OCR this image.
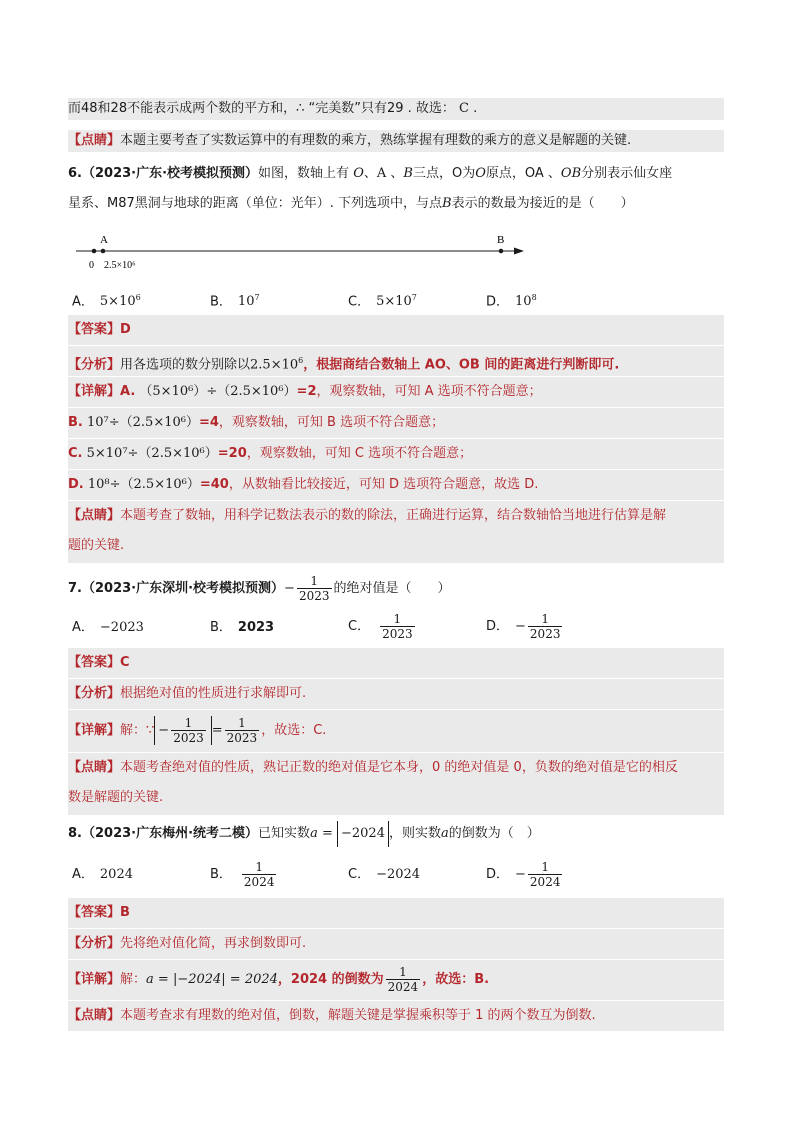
而48和28不能表示成两个数的平方和，∴ “完美数”只有29 . 故选： C .
【点睛】本题主要考查了实数运算中的有理数的乘方，熟练掌握有理数的乘方的意义是解题的关键.
6.（2023·广东·校考模拟预测）如图，数轴上有 O、A 、B三点，O为O原点，OA 、OB分别表示仙女座
星系、M87黑洞与地球的距离（单位：光年）. 下列选项中，与点B表示的数最为接近的是（　　）
A	B
0 2.5×10⁶
A． $5\times 10^6$	B． $10^7$	C． $5\times 10^7$	D． $10^8$
【答案】D
【分析】用各选项的数分别除以$2.5\times 10^6$，根据商结合数轴上 AO、OB 间的距离进行判断即可.
【详解】A. （5×10⁶）÷（2.5×10⁶）=2，观察数轴，可知 A 选项不符合题意；
B. 10⁷÷（2.5×10⁶）=4，观察数轴，可知 B 选项不符合题意；
C. 5×10⁷÷（2.5×10⁶）=20，观察数轴，可知 C 选项不符合题意；
D. 10⁸÷（2.5×10⁶）=40，从数轴看比较接近，可知 D 选项符合题意，故选 D.
【点睛】本题考查了数轴，用科学记数法表示的数的除法，正确进行运算，结合数轴恰当地进行估算是解
题的关键.
7.（2023·广东深圳·校考模拟预测）− $\frac{1}{2023}$ 的绝对值是（　　）
A． −2023	B． 2023	C． $\frac{1}{2023}$	D． − $\frac{1}{2023}$
【答案】C
【分析】根据绝对值的性质进行求解即可.
【详解】解：∵ − $\frac{1}{2023} = \frac{1}{2023}$ ，故选：C.
【点睛】本题考查绝对值的性质，熟记正数的绝对值是它本身，0 的绝对值是 0，负数的绝对值是它的相反
数是解题的关键.
8.（2023·广东梅州·统考二模）已知实数a = −2024 ，则实数a的倒数为（　）
A． 2024	B． $\frac{1}{2024}$	C． −2024	D． − $\frac{1}{2024}$
【答案】B
【分析】先将绝对值化简，再求倒数即可.
【详解】解：a = |−2024| = 2024，2024 的倒数为 $\frac{1}{2024}$ ，故选：B.
【点睛】本题考查求有理数的绝对值，倒数，解题关键是掌握乘积等于 1 的两个数互为倒数.
